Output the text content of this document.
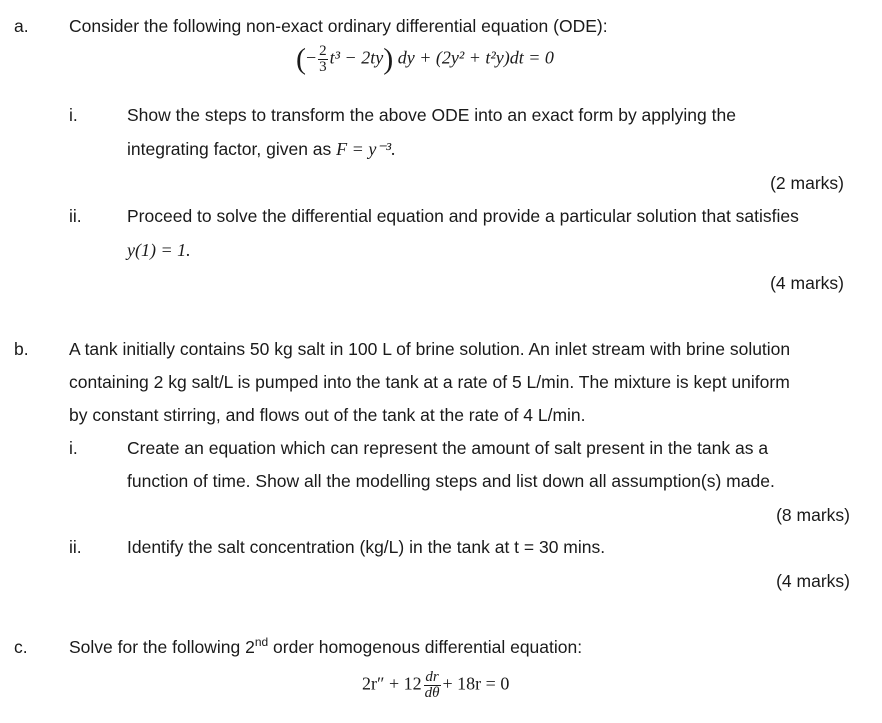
a. Consider the following non-exact ordinary differential equation (ODE):
(− $\frac{2}{3} t^3 - 2ty$) dy + (2y² + t²y)dt = 0
i.	Show the steps to transform the above ODE into an exact form by applying the
integrating factor, given as F = y⁻³.
(2 marks)
ii.	Proceed to solve the differential equation and provide a particular solution that satisfies
y(1) = 1.
(4 marks)
b. A tank initially contains 50 kg salt in 100 L of brine solution. An inlet stream with brine solution
containing 2 kg salt/L is pumped into the tank at a rate of 5 L/min. The mixture is kept uniform
by constant stirring, and flows out of the tank at the rate of 4 L/min.
i.	Create an equation which can represent the amount of salt present in the tank as a
function of time. Show all the modelling steps and list down all assumption(s) made.
(8 marks)
ii.	Identify the salt concentration (kg/L) in the tank at t = 30 mins.
(4 marks)
c. Solve for the following 2nd order homogenous differential equation:
$2r'' + 12 \frac{dr}{d\theta} + 18r = 0$
